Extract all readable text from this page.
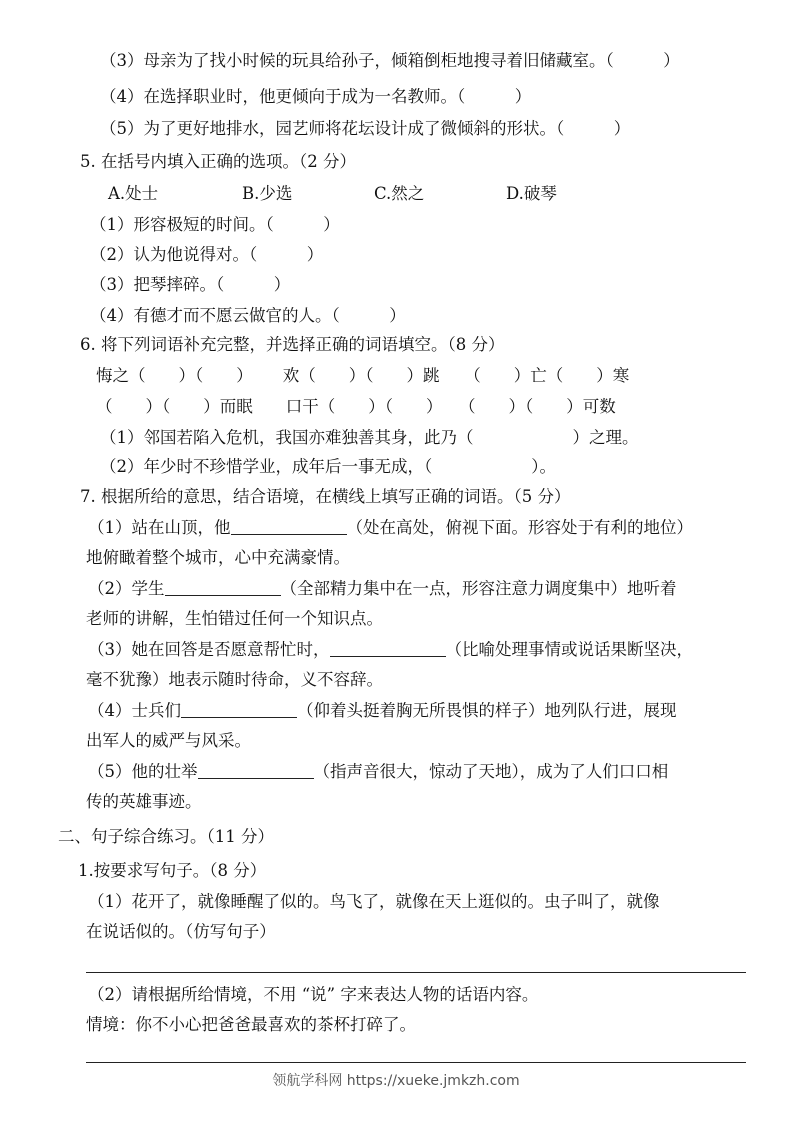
（3）母亲为了找小时候的玩具给孙子，倾箱倒柜地搜寻着旧储藏室。（　　　）
（4）在选择职业时，他更倾向于成为一名教师。（　　　）
（5）为了更好地排水，园艺师将花坛设计成了微倾斜的形状。（　　　）
5. 在括号内填入正确的选项。（2 分）
A.处士	B.少选	C.然之	D.破琴
（1）形容极短的时间。（　　　）
（2）认为他说得对。（　　　）
（3）把琴摔碎。（　　　）
（4）有德才而不愿云做官的人。（　　　）
6. 将下列词语补充完整，并选择正确的词语填空。（8 分）
悔之（　　）（　　）　　 欢（　　）（　　）跳　　（　　）亡（　　）寒
（　　）（　　）而眠　　口干（　　）（　　）　　（　　）（　　）可数
（1）邻国若陷入危机，我国亦难独善其身，此乃（　　　　　　）之理。
（2）年少时不珍惜学业，成年后一事无成，（　　　　　　）。
7. 根据所给的意思，结合语境，在横线上填写正确的词语。（5 分）
（1）站在山顶，他	（处在高处，俯视下面。形容处于有利的地位）
地俯瞰着整个城市，心中充满豪情。
（2）学生	（全部精力集中在一点，形容注意力调度集中）地听着
老师的讲解，生怕错过任何一个知识点。
（3）她在回答是否愿意帮忙时，	（比喻处理事情或说话果断坚决，
毫不犹豫）地表示随时待命，义不容辞。
（4）士兵们	（仰着头挺着胸无所畏惧的样子）地列队行进，展现
出军人的威严与风采。
（5）他的壮举	（指声音很大，惊动了天地），成为了人们口口相
传的英雄事迹。
二、句子综合练习。（11 分）
1.按要求写句子。（8 分）
（1）花开了，就像睡醒了似的。鸟飞了，就像在天上逛似的。虫子叫了，就像
在说话似的。（仿写句子）
（2）请根据所给情境，不用 “说” 字来表达人物的话语内容。
情境：你不小心把爸爸最喜欢的茶杯打碎了。
领航学科网 https://xueke.jmkzh.com
